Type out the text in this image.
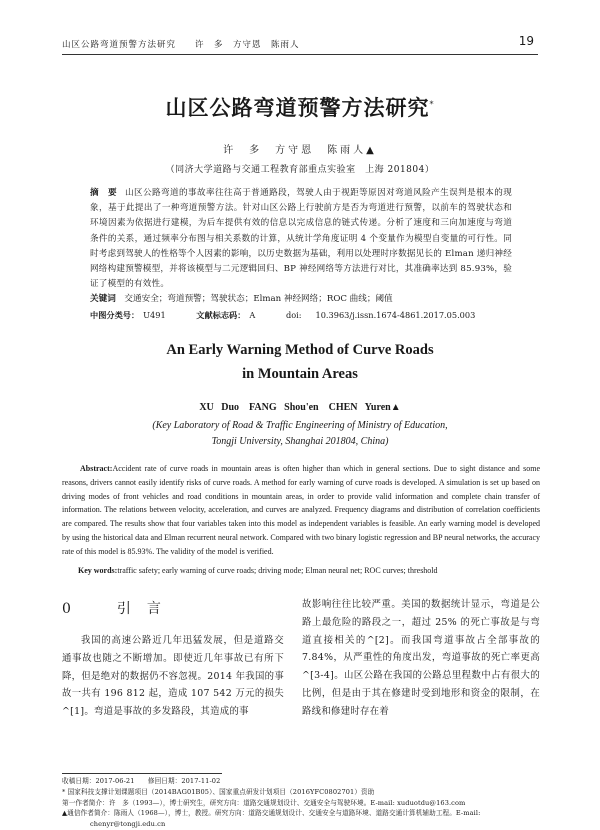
山区公路弯道预警方法研究　　许　多　方守恩　陈雨人	19
山区公路弯道预警方法研究*
许　多　方守恩　陈雨人▲
（同济大学道路与交通工程教育部重点实验室　上海 201804）
摘　要 山区公路弯道的事故率往往高于普通路段，驾驶人由于视距等原因对弯道风险产生误判是根本的现象，基于此提出了一种弯道预警方法。针对山区公路上行驶前方是否为弯道进行预警，以前车的驾驶状态和环境因素为依据进行建模，为后车提供有效的信息以完成信息的链式传递。分析了速度和三向加速度与弯道条件的关系，通过频率分布图与相关系数的计算，从统计学角度证明 4 个变量作为模型自变量的可行性。同时考虑到驾驶人的性格等个人因素的影响，以历史数据为基础，利用以处理时序数据见长的 Elman 递归神经网络构建预警模型，并将该模型与二元逻辑回归、BP 神经网络等方法进行对比，其准确率达到 85.93%，验证了模型的有效性。
关键词　 交通安全；弯道预警；驾驶状态；Elman 神经网络；ROC 曲线；阈值
中图分类号： U491	文献标志码： A	doi: 10.3963/j.issn.1674-4861.2017.05.003
An Early Warning Method of Curve Roads
in Mountain Areas
XU Duo　FANG Shou'en　CHEN Yuren▲
(Key Laboratory of Road & Traffic Engineering of Ministry of Education,
Tongji University, Shanghai 201804, China)
Abstract:Accident rate of curve roads in mountain areas is often higher than which in general sections. Due to sight distance and some reasons, drivers cannot easily identify risks of curve roads. A method for early warning of curve roads is developed. A simulation is set up based on driving modes of front vehicles and road conditions in mountain areas, in order to provide valid information and complete chain transfer of information. The relations between velocity, acceleration, and curves are analyzed. Frequency diagrams and distribution of correlation coefficients are compared. The results show that four variables taken into this model as independent variables is feasible. An early warning model is developed by using the historical data and Elman recurrent neural network. Compared with two binary logistic regression and BP neural networks, the accuracy rate of this model is 85.93%. The validity of the model is verified.
Key words:traffic safety; early warning of curve roads; driving mode; Elman neural net; ROC curves; threshold
0　 引言
我国的高速公路近几年迅猛发展，但是道路交通事故也随之不断增加。即使近几年事故已有所下降，但是绝对的数据仍不容忽视。2014 年我国的事故一共有 196 812 起，造成 107 542 万元的损失^[1]。弯道是事故的多发路段，其造成的事
故影响往往比较严重。美国的数据统计显示，弯道是公路上最危险的路段之一，超过 25% 的死亡事故是与弯道直接相关的^[2]。而我国弯道事故占全部事故的 7.84%，从严重性的角度出发，弯道事故的死亡率更高^[3-4]。山区公路在我国的公路总里程数中占有很大的比例，但是由于其在修建时受到地形和资金的限制，在路线和修建时存在着
收稿日期：2017-06-21　　修回日期：2017-11-02
* 国家科技支撑计划课题项目（2014BAG01B05）、国家重点研发计划项目（2016YFC0802701）资助
第一作者简介：许　多（1993—），博士研究生，研究方向：道路交通规划设计、交通安全与驾驶环境。E-mail: xuduotdu@163.com
▲通信作者简介：陈雨人（1968—），博士，教授。研究方向：道路交通规划设计、交通安全与道路环境、道路交通计算机辅助工程。E-mail:
chenyr@tongji.edu.cn
